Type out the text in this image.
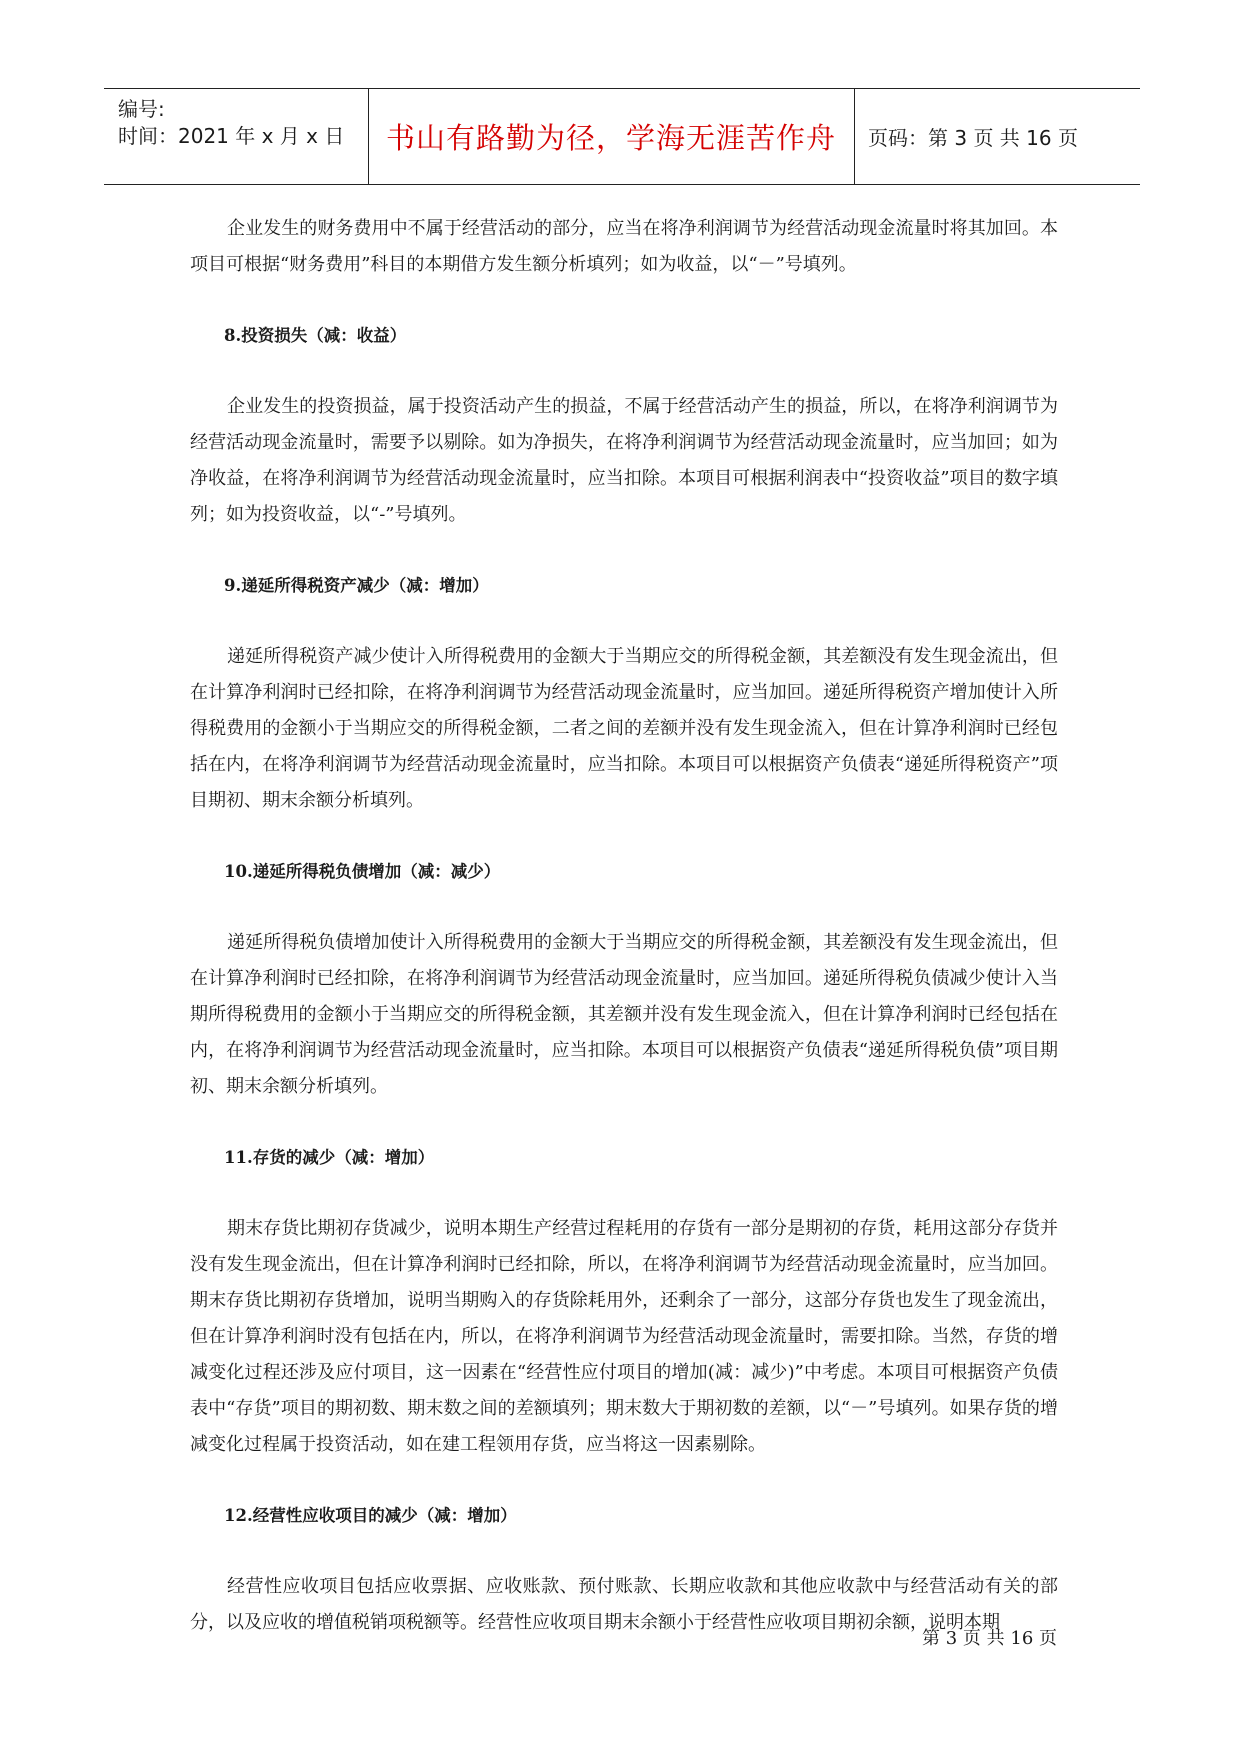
编号:
时间：2021 年 x 月 x 日 书山有路勤为径，学海无涯苦作舟 页码：第 3 页 共 16 页

企业发生的财务费用中不属于经营活动的部分，应当在将净利润调节为经营活动现金流量时将其加回。本项目可根据“财务费用”科目的本期借方发生额分析填列；如为收益，以“－”号填列。

8.投资损失（减：收益）

企业发生的投资损益，属于投资活动产生的损益，不属于经营活动产生的损益，所以，在将净利润调节为经营活动现金流量时，需要予以剔除。如为净损失，在将净利润调节为经营活动现金流量时，应当加回；如为净收益，在将净利润调节为经营活动现金流量时，应当扣除。本项目可根据利润表中“投资收益”项目的数字填列；如为投资收益，以“-”号填列。

9.递延所得税资产减少（减：增加）

递延所得税资产减少使计入所得税费用的金额大于当期应交的所得税金额，其差额没有发生现金流出，但在计算净利润时已经扣除，在将净利润调节为经营活动现金流量时，应当加回。递延所得税资产增加使计入所得税费用的金额小于当期应交的所得税金额，二者之间的差额并没有发生现金流入，但在计算净利润时已经包括在内，在将净利润调节为经营活动现金流量时，应当扣除。本项目可以根据资产负债表“递延所得税资产”项目期初、期末余额分析填列。

10.递延所得税负债增加（减：减少）

递延所得税负债增加使计入所得税费用的金额大于当期应交的所得税金额，其差额没有发生现金流出，但在计算净利润时已经扣除，在将净利润调节为经营活动现金流量时，应当加回。递延所得税负债减少使计入当期所得税费用的金额小于当期应交的所得税金额，其差额并没有发生现金流入，但在计算净利润时已经包括在内，在将净利润调节为经营活动现金流量时，应当扣除。本项目可以根据资产负债表“递延所得税负债”项目期初、期末余额分析填列。

11.存货的减少（减：增加）

期末存货比期初存货减少，说明本期生产经营过程耗用的存货有一部分是期初的存货，耗用这部分存货并没有发生现金流出，但在计算净利润时已经扣除，所以，在将净利润调节为经营活动现金流量时，应当加回。期末存货比期初存货增加，说明当期购入的存货除耗用外，还剩余了一部分，这部分存货也发生了现金流出，但在计算净利润时没有包括在内，所以，在将净利润调节为经营活动现金流量时，需要扣除。当然，存货的增减变化过程还涉及应付项目，这一因素在“经营性应付项目的增加(减：减少)”中考虑。本项目可根据资产负债表中“存货”项目的期初数、期末数之间的差额填列；期末数大于期初数的差额，以“－”号填列。如果存货的增减变化过程属于投资活动，如在建工程领用存货，应当将这一因素剔除。

12.经营性应收项目的减少（减：增加）

经营性应收项目包括应收票据、应收账款、预付账款、长期应收款和其他应收款中与经营活动有关的部分，以及应收的增值税销项税额等。经营性应收项目期末余额小于经营性应收项目期初余额，说明本期

第 3 页 共 16 页
